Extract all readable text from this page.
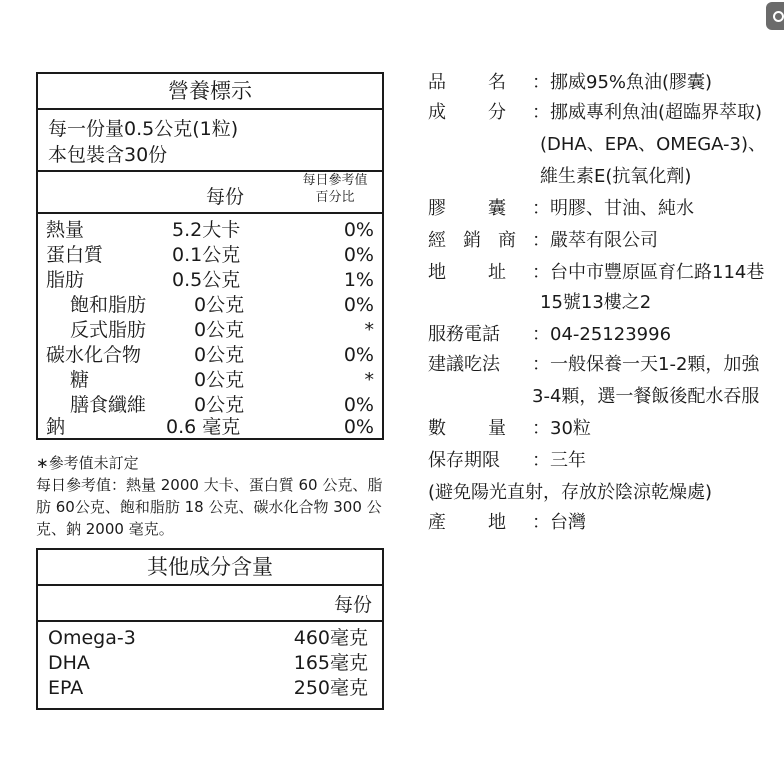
營養標示
每一份量0.5公克(1粒)
本包裝含30份
每份
每日參考值
百分比
熱量	5.2大卡	0%
蛋白質	0.1公克	0%
脂肪	0.5公克	1%
飽和脂肪	0公克	0%
反式脂肪	0公克	*
碳水化合物	0公克	0%
糖	0公克	*
膳食纖維	0公克	0%
鈉	0.6 毫克	0%
∗參考值未訂定
每日參考值：熱量 2000 大卡、蛋白質 60 公克、脂肪 60公克、飽和脂肪 18 公克、碳水化合物 300 公克、鈉 2000 毫克。
其他成分含量
每份
Omega-3	460毫克
DHA	165毫克
EPA	250毫克
品 名 ：挪威95%魚油(膠囊)
成 分 ：挪威專利魚油(超臨界萃取)
(DHA、EPA、OMEGA-3)、
維生素E(抗氧化劑)
膠 囊 ：明膠、甘油、純水
經 銷 商 ：嚴萃有限公司
地 址 ：台中市豐原區育仁路114巷
15號13樓之2
服務電話 ：04-25123996
建議吃法 ：一般保養一天1-2顆，加強
3-4顆，選一餐飯後配水吞服
數 量 ：30粒
保存期限 ：三年
(避免陽光直射，存放於陰涼乾燥處)
產 地 ：台灣
